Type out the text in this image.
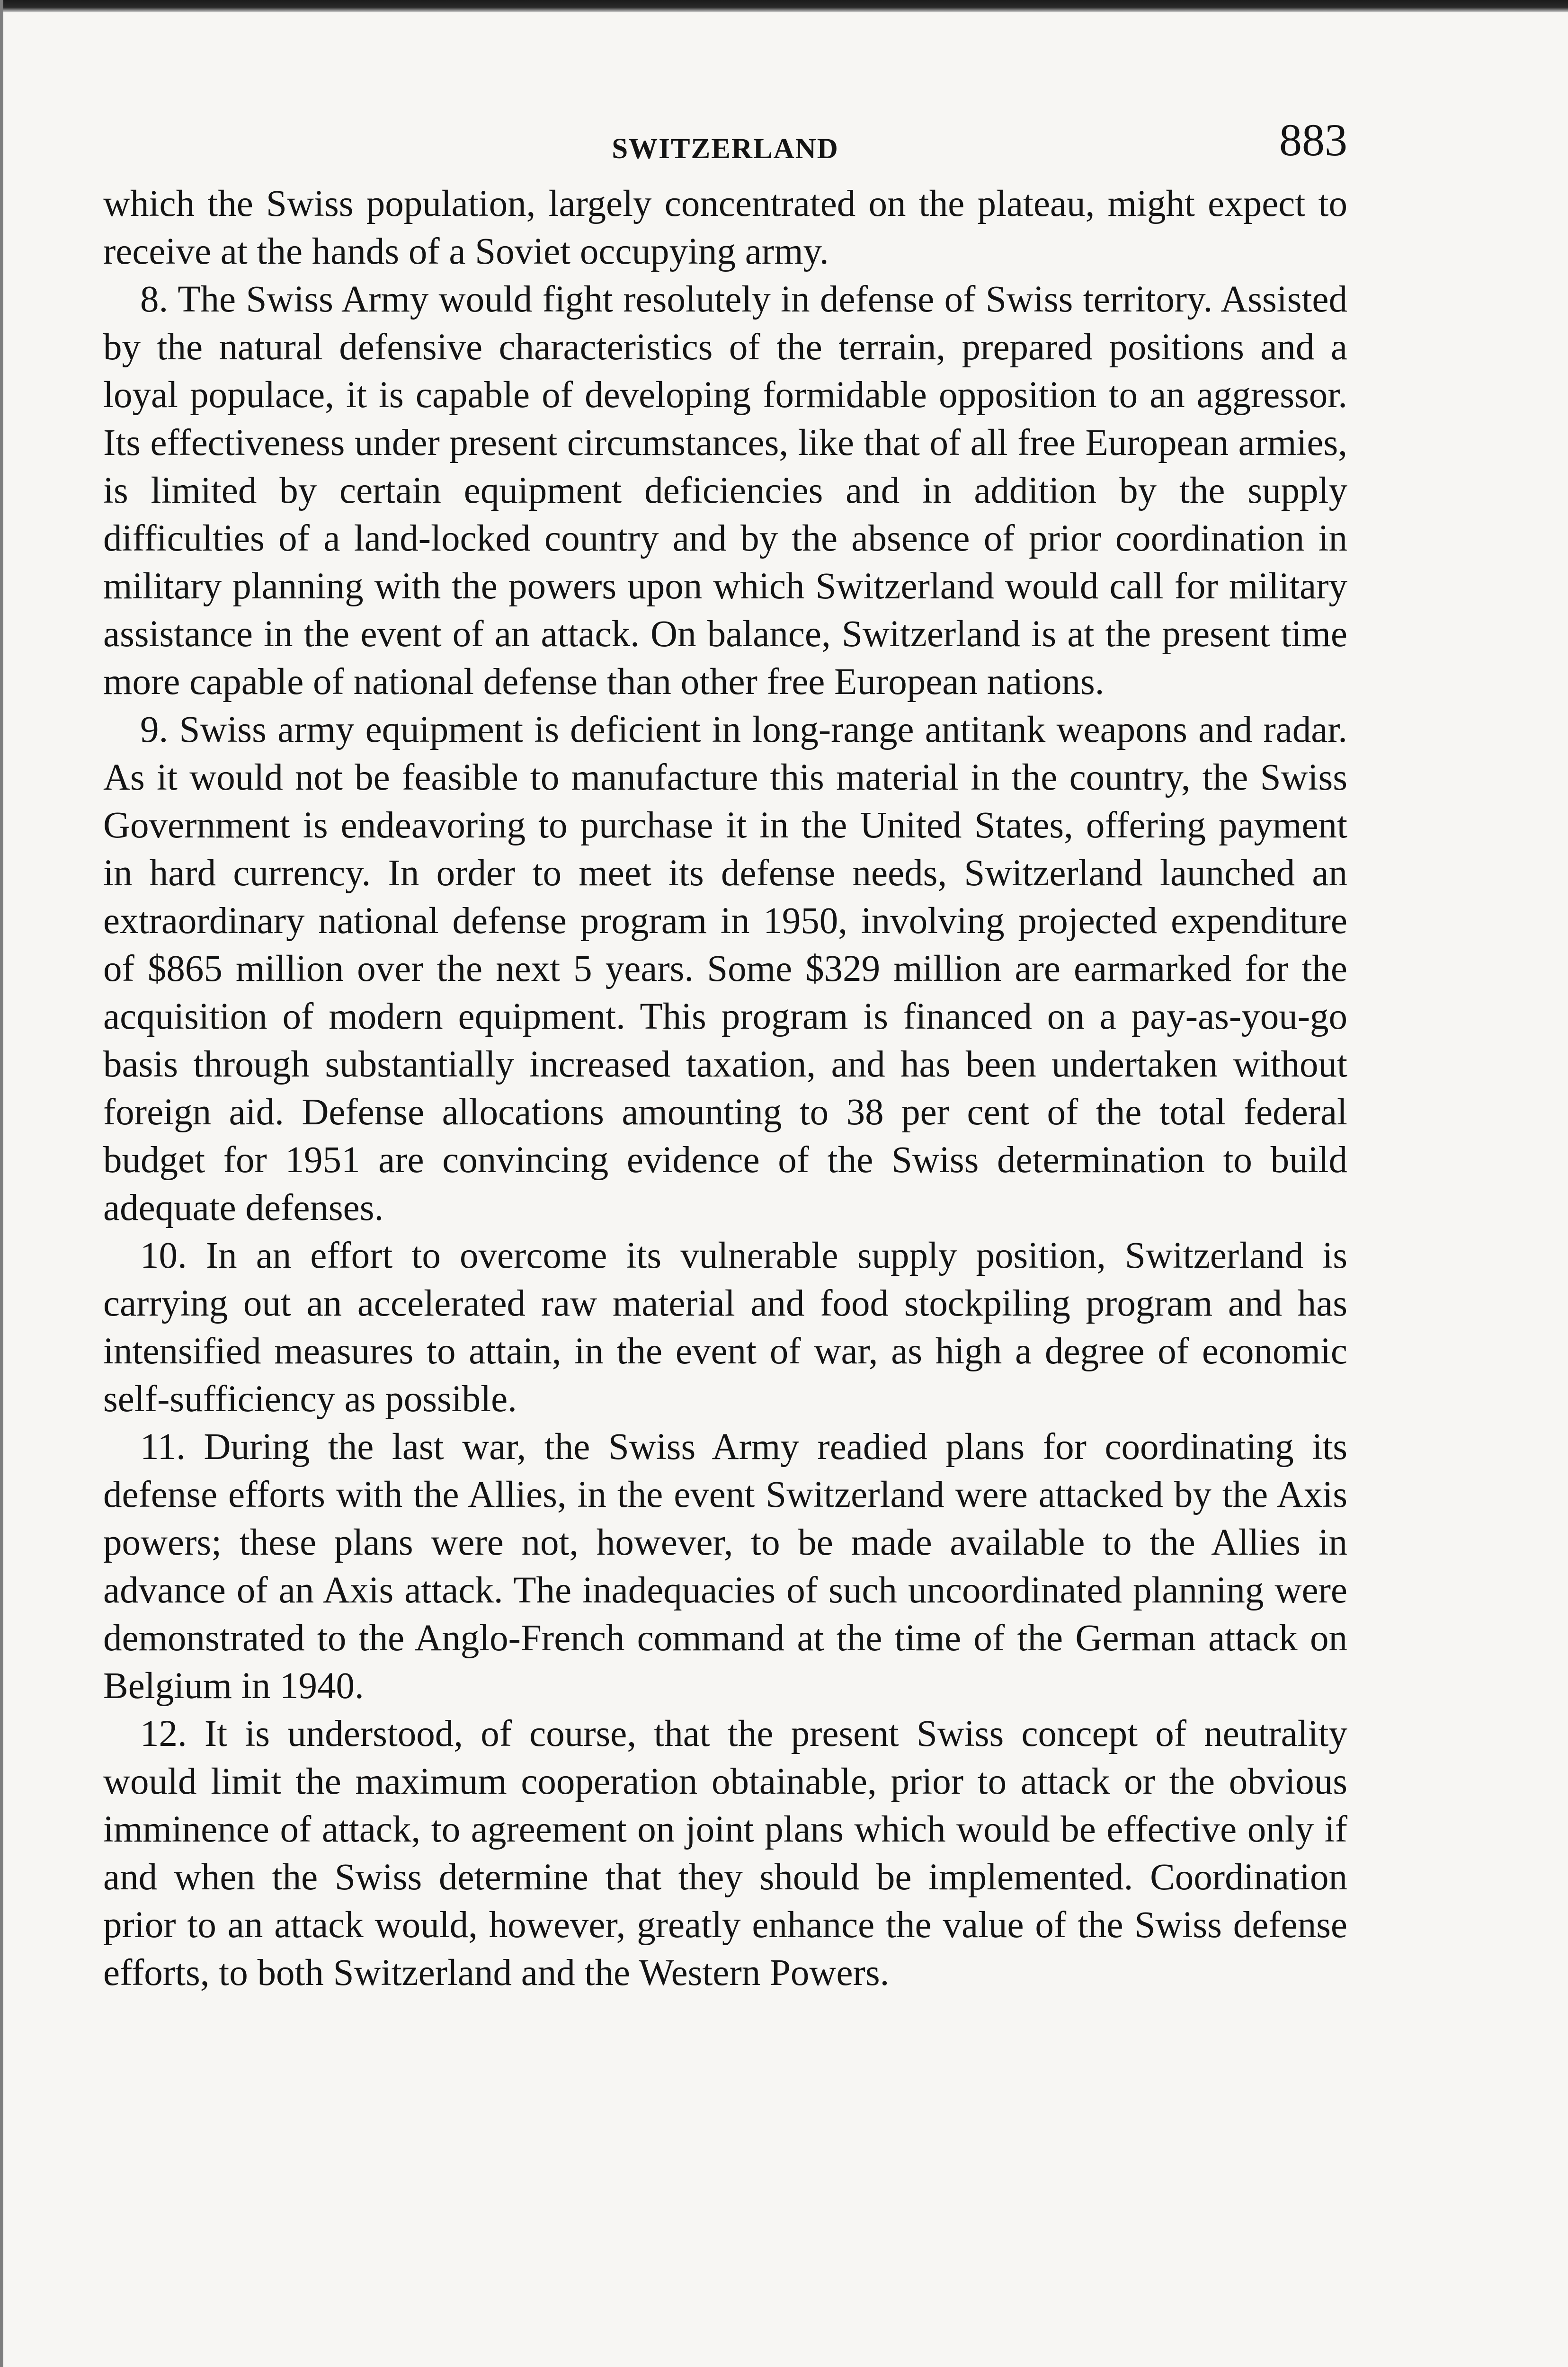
SWITZERLAND	883

which the Swiss population, largely concentrated on the plateau, might expect to receive at the hands of a Soviet occupying army.

8. The Swiss Army would fight resolutely in defense of Swiss territory. Assisted by the natural defensive characteristics of the terrain, prepared positions and a loyal populace, it is capable of developing formidable opposition to an aggressor. Its effectiveness under present circumstances, like that of all free European armies, is limited by certain equipment deficiencies and in addition by the supply difficulties of a land-locked country and by the absence of prior coordination in military planning with the powers upon which Switzerland would call for military assistance in the event of an attack. On balance, Switzerland is at the present time more capable of national defense than other free European nations.

9. Swiss army equipment is deficient in long-range antitank weapons and radar. As it would not be feasible to manufacture this material in the country, the Swiss Government is endeavoring to purchase it in the United States, offering payment in hard currency. In order to meet its defense needs, Switzerland launched an extraordinary national defense program in 1950, involving projected expenditure of $865 million over the next 5 years. Some $329 million are earmarked for the acquisition of modern equipment. This program is financed on a pay-as-you-go basis through substantially increased taxation, and has been undertaken without foreign aid. Defense allocations amounting to 38 per cent of the total federal budget for 1951 are convincing evidence of the Swiss determination to build adequate defenses.

10. In an effort to overcome its vulnerable supply position, Switzerland is carrying out an accelerated raw material and food stockpiling program and has intensified measures to attain, in the event of war, as high a degree of economic self-sufficiency as possible.

11. During the last war, the Swiss Army readied plans for coordinating its defense efforts with the Allies, in the event Switzerland were attacked by the Axis powers; these plans were not, however, to be made available to the Allies in advance of an Axis attack. The inadequacies of such uncoordinated planning were demonstrated to the Anglo-French command at the time of the German attack on Belgium in 1940.

12. It is understood, of course, that the present Swiss concept of neutrality would limit the maximum cooperation obtainable, prior to attack or the obvious imminence of attack, to agreement on joint plans which would be effective only if and when the Swiss determine that they should be implemented. Coordination prior to an attack would, however, greatly enhance the value of the Swiss defense efforts, to both Switzerland and the Western Powers.
